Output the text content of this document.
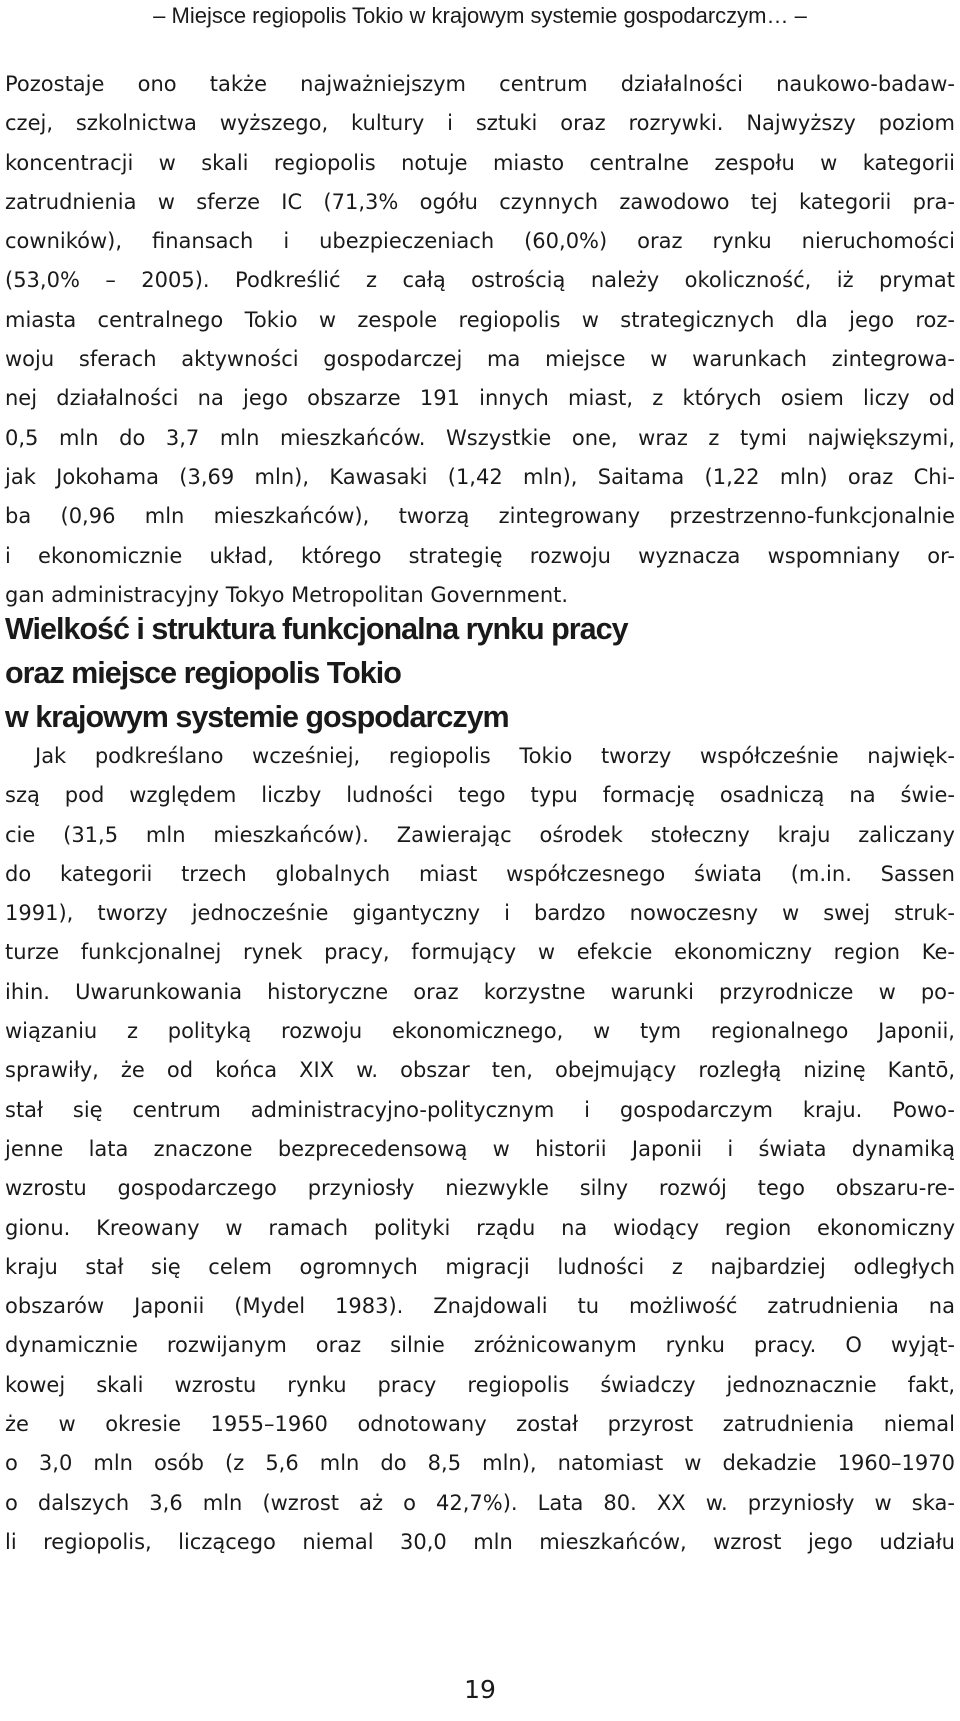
– Miejsce regiopolis Tokio w krajowym systemie gospodarczym… –
Pozostaje ono także najważniejszym centrum działalności naukowo-badaw-
czej, szkolnictwa wyższego, kultury i sztuki oraz rozrywki. Najwyższy poziom
koncentracji w skali regiopolis notuje miasto centralne zespołu w kategorii
zatrudnienia w sferze IC (71,3% ogółu czynnych zawodowo tej kategorii pra-
cowników), finansach i ubezpieczeniach (60,0%) oraz rynku nieruchomości
(53,0% – 2005). Podkreślić z całą ostrością należy okoliczność, iż prymat
miasta centralnego Tokio w zespole regiopolis w strategicznych dla jego roz-
woju sferach aktywności gospodarczej ma miejsce w warunkach zintegrowa-
nej działalności na jego obszarze 191 innych miast, z których osiem liczy od
0,5 mln do 3,7 mln mieszkańców. Wszystkie one, wraz z tymi największymi,
jak Jokohama (3,69 mln), Kawasaki (1,42 mln), Saitama (1,22 mln) oraz Chi-
ba (0,96 mln mieszkańców), tworzą zintegrowany przestrzenno-funkcjonalnie
i ekonomicznie układ, którego strategię rozwoju wyznacza wspomniany or-
gan administracyjny Tokyo Metropolitan Government.
Wielkość i struktura funkcjonalna rynku pracy
oraz miejsce regiopolis Tokio
w krajowym systemie gospodarczym
Jak podkreślano wcześniej, regiopolis Tokio tworzy współcześnie najwięk-
szą pod względem liczby ludności tego typu formację osadniczą na świe-
cie (31,5 mln mieszkańców). Zawierając ośrodek stołeczny kraju zaliczany
do kategorii trzech globalnych miast współczesnego świata (m.in. Sassen
1991), tworzy jednocześnie gigantyczny i bardzo nowoczesny w swej struk-
turze funkcjonalnej rynek pracy, formujący w efekcie ekonomiczny region Ke-
ihin. Uwarunkowania historyczne oraz korzystne warunki przyrodnicze w po-
wiązaniu z polityką rozwoju ekonomicznego, w tym regionalnego Japonii,
sprawiły, że od końca XIX w. obszar ten, obejmujący rozległą nizinę Kantō,
stał się centrum administracyjno-politycznym i gospodarczym kraju. Powo-
jenne lata znaczone bezprecedensową w historii Japonii i świata dynamiką
wzrostu gospodarczego przyniosły niezwykle silny rozwój tego obszaru-re-
gionu. Kreowany w ramach polityki rządu na wiodący region ekonomiczny
kraju stał się celem ogromnych migracji ludności z najbardziej odległych
obszarów Japonii (Mydel 1983). Znajdowali tu możliwość zatrudnienia na
dynamicznie rozwijanym oraz silnie zróżnicowanym rynku pracy. O wyjąt-
kowej skali wzrostu rynku pracy regiopolis świadczy jednoznacznie fakt,
że w okresie 1955–1960 odnotowany został przyrost zatrudnienia niemal
o 3,0 mln osób (z 5,6 mln do 8,5 mln), natomiast w dekadzie 1960–1970
o dalszych 3,6 mln (wzrost aż o 42,7%). Lata 80. XX w. przyniosły w ska-
li regiopolis, liczącego niemal 30,0 mln mieszkańców, wzrost jego udziału
19
